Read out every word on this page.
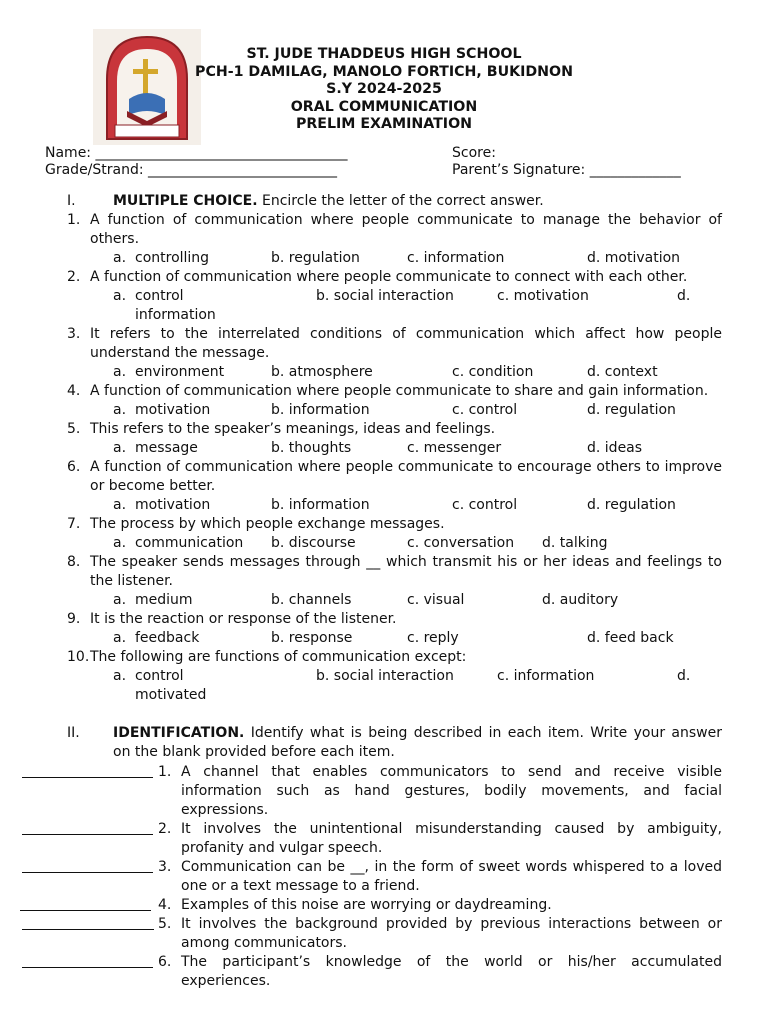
ST. JUDE THADDEUS HIGH SCHOOL
PCH-1 DAMILAG, MANOLO FORTICH, BUKIDNON
S.Y 2024-2025
ORAL COMMUNICATION
PRELIM EXAMINATION
Name: ____________________________________
Grade/Strand: ___________________________
Score:
Parent’s Signature: _____________
I.	MULTIPLE CHOICE. Encircle the letter of the correct answer.
1. A function of communication where people communicate to manage the behavior of others.
a. controlling	b. regulation	c. information	d. motivation
2. A function of communication where people communicate to connect with each other.
a. control	b. social interaction	c. motivation	d.
information
3. It refers to the interrelated conditions of communication which affect how people understand the message.
a. environment	b. atmosphere	c. condition	d. context
4. A function of communication where people communicate to share and gain information.
a. motivation	b. information	c. control	d. regulation
5. This refers to the speaker’s meanings, ideas and feelings.
a. message	b. thoughts	c. messenger	d. ideas
6. A function of communication where people communicate to encourage others to improve or become better.
a. motivation	b. information	c. control	d. regulation
7. The process by which people exchange messages.
a. communication b. discourse	c. conversation d. talking
8. The speaker sends messages through __ which transmit his or her ideas and feelings to the listener.
a. medium	b. channels	c. visual	d. auditory
9. It is the reaction or response of the listener.
a. feedback	b. response	c. reply	d. feed back
10. The following are functions of communication except:
a. control	b. social interaction	c. information	d.
motivated
II. IDENTIFICATION. Identify what is being described in each item. Write your answer on the blank provided before each item.
1. A channel that enables communicators to send and receive visible information such as hand gestures, bodily movements, and facial expressions.
2. It involves the unintentional misunderstanding caused by ambiguity, profanity and vulgar speech.
3. Communication can be __, in the form of sweet words whispered to a loved one or a text message to a friend.
4. Examples of this noise are worrying or daydreaming.
5. It involves the background provided by previous interactions between or among communicators.
6. The participant’s knowledge of the world or his/her accumulated experiences.
